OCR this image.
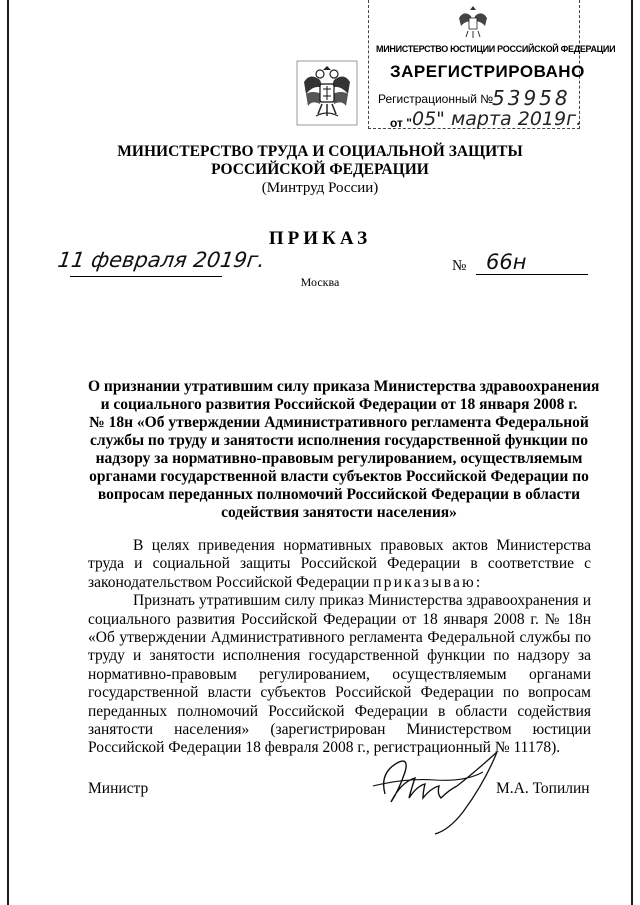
МИНИСТЕРСТВО ЮСТИЦИИ РОССИЙСКОЙ ФЕДЕРАЦИИ
ЗАРЕГИСТРИРОВАНО
Регистрационный №
53958
от " 05" марта 2019г.
МИНИСТЕРСТВО ТРУДА И СОЦИАЛЬНОЙ ЗАЩИТЫ
РОССИЙСКОЙ ФЕДЕРАЦИИ
(Минтруд России)
ПРИКАЗ
11 февраля 2019г.	№ 66н
Москва
О признании утратившим силу приказа Министерства здравоохранения
и социального развития Российской Федерации от 18 января 2008 г.
№ 18н «Об утверждении Административного регламента Федеральной
службы по труду и занятости исполнения государственной функции по
надзору за нормативно-правовым регулированием, осуществляемым
органами государственной власти субъектов Российской Федерации по
вопросам переданных полномочий Российской Федерации в области
содействия занятости населения»

В целях приведения нормативных правовых актов Министерства труда и социальной защиты Российской Федерации в соответствие с законодательством Российской Федерации приказываю:

Признать утратившим силу приказ Министерства здравоохранения и социального развития Российской Федерации от 18 января 2008 г. № 18н «Об утверждении Административного регламента Федеральной службы по труду и занятости исполнения государственной функции по надзору за нормативно-правовым регулированием, осуществляемым органами государственной власти субъектов Российской Федерации по вопросам переданных полномочий Российской Федерации в области содействия занятости населения» (зарегистрирован Министерством юстиции Российской Федерации 18 февраля 2008 г., регистрационный № 11178).

Министр	М.А. Топилин
